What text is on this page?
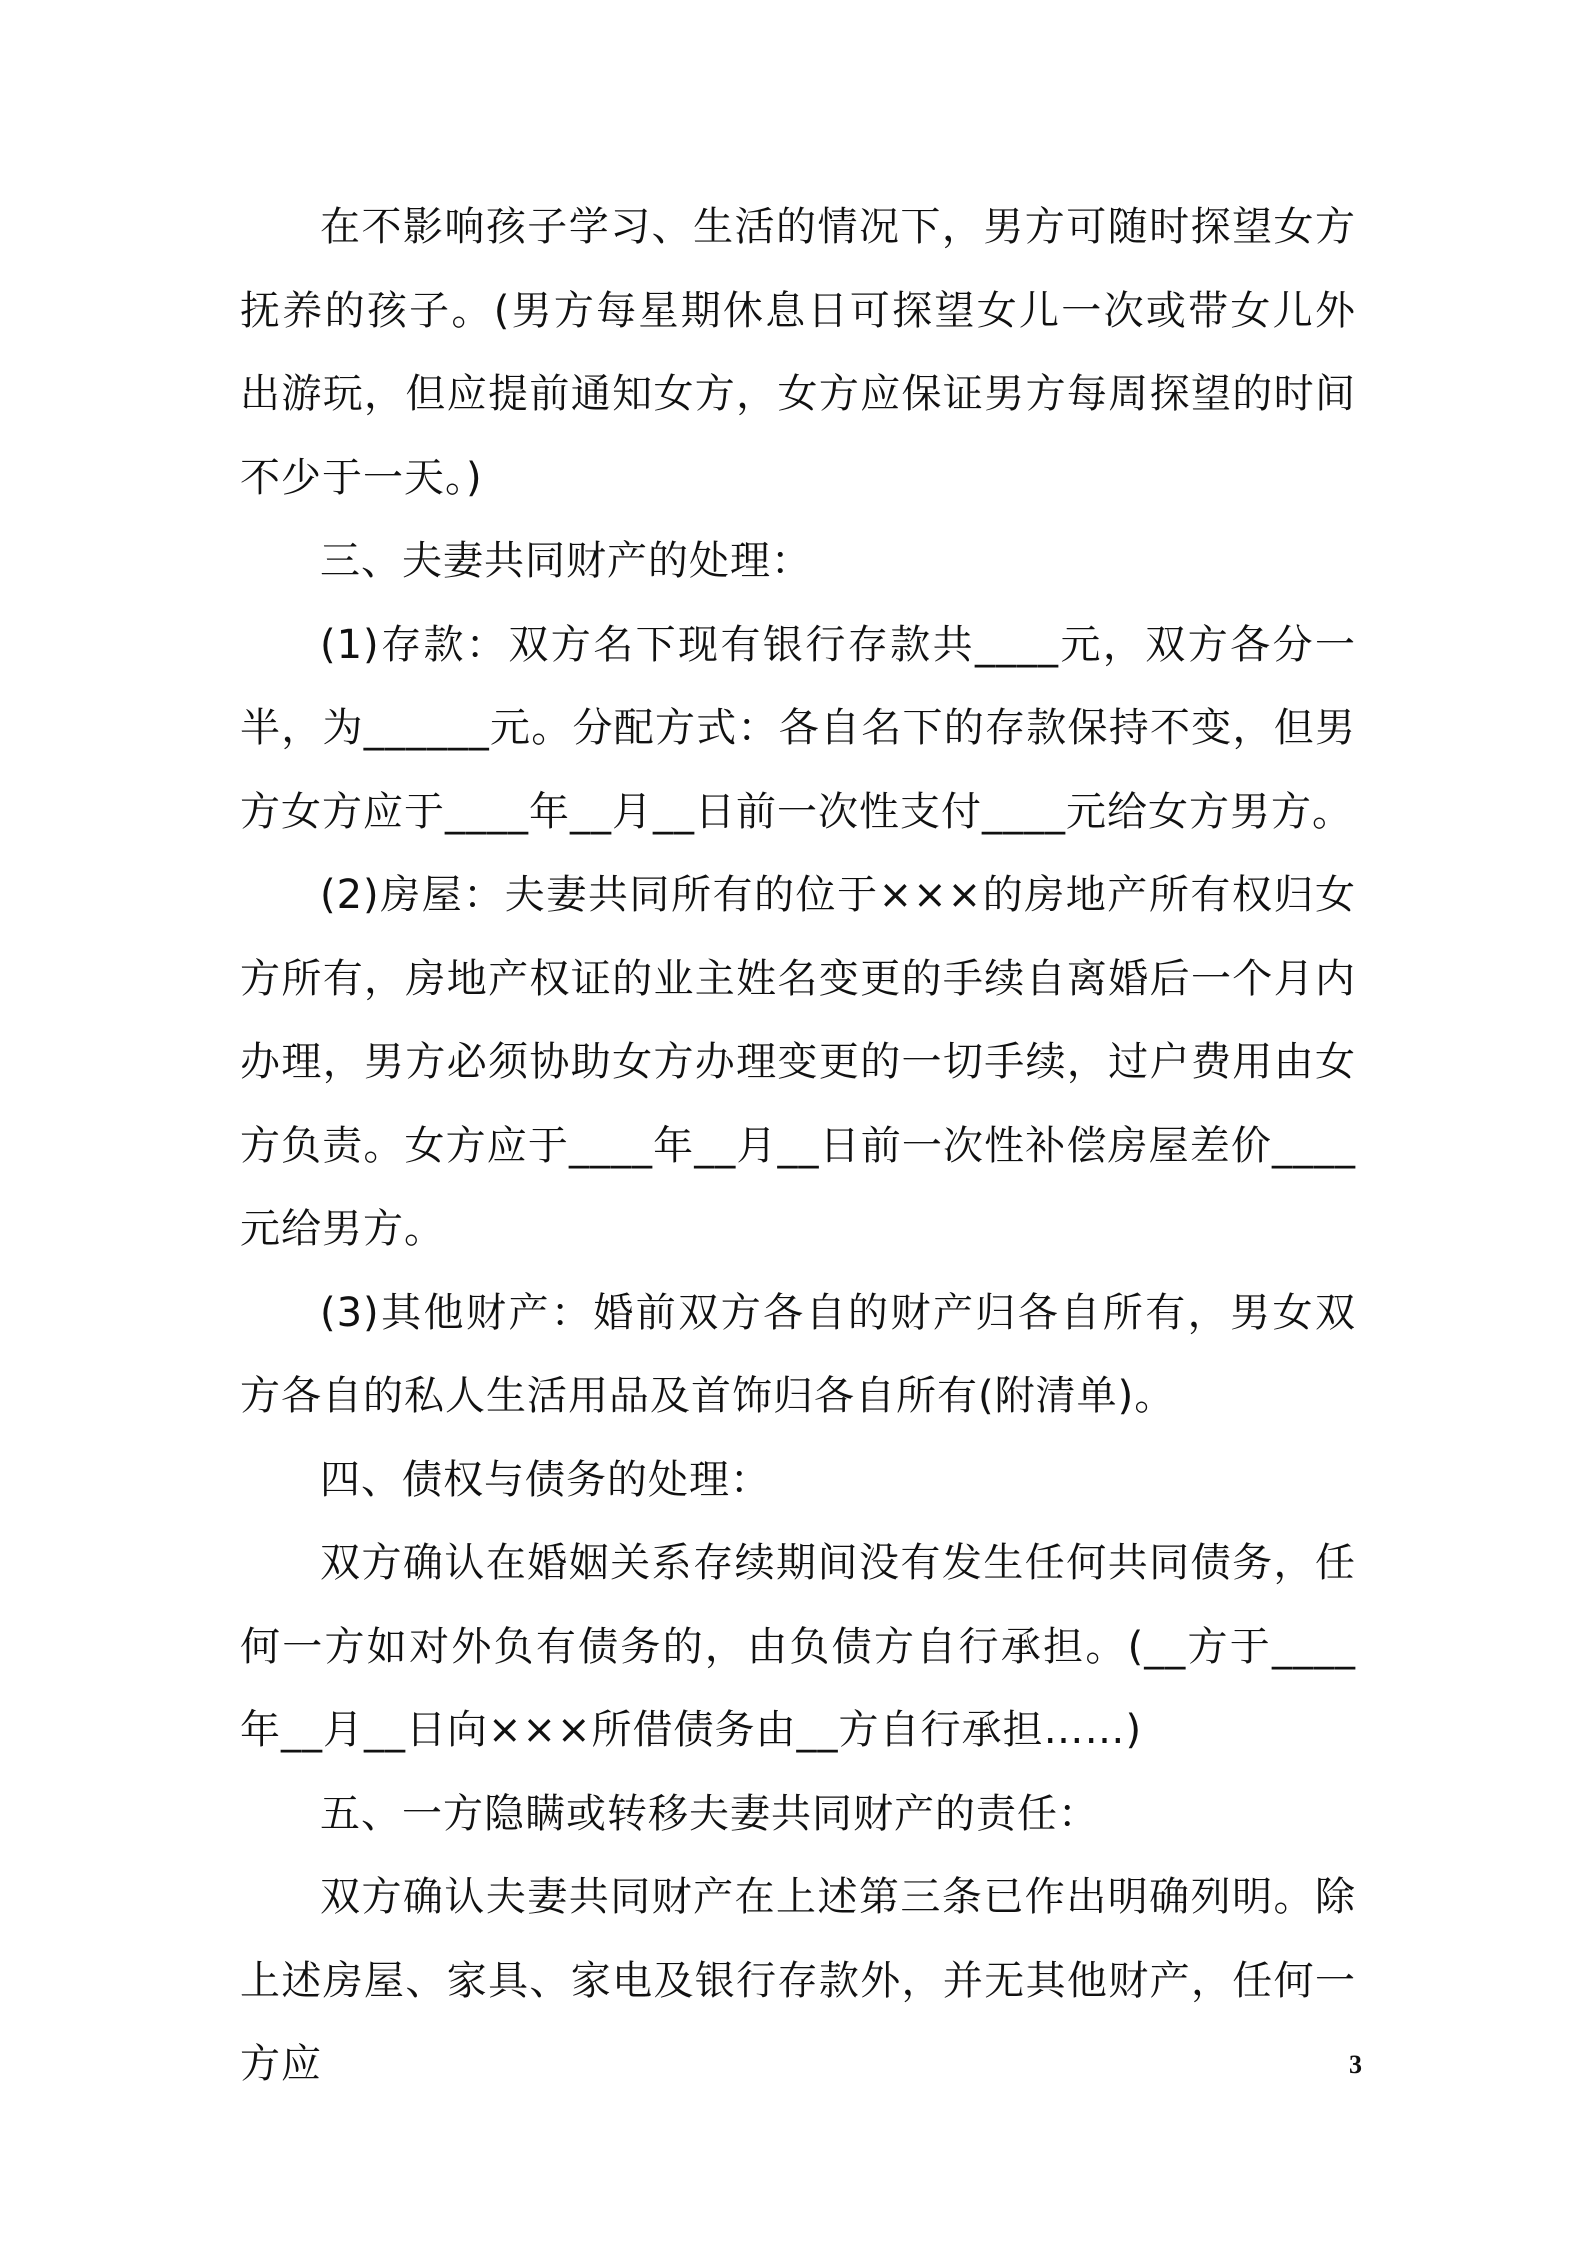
在不影响孩子学习、生活的情况下，男方可随时探望女方抚养的孩子。(男方每星期休息日可探望女儿一次或带女儿外出游玩，但应提前通知女方，女方应保证男方每周探望的时间不少于一天。)

三、夫妻共同财产的处理：

(1)存款：双方名下现有银行存款共____元，双方各分一半，为______元。分配方式：各自名下的存款保持不变，但男方女方应于____年__月__日前一次性支付____元给女方男方。

(2)房屋：夫妻共同所有的位于×××的房地产所有权归女方所有，房地产权证的业主姓名变更的手续自离婚后一个月内办理，男方必须协助女方办理变更的一切手续，过户费用由女方负责。女方应于____年__月__日前一次性补偿房屋差价____元给男方。

(3)其他财产：婚前双方各自的财产归各自所有，男女双方各自的私人生活用品及首饰归各自所有(附清单)。

四、债权与债务的处理：

双方确认在婚姻关系存续期间没有发生任何共同债务，任何一方如对外负有债务的，由负债方自行承担。(__方于____年__月__日向×××所借债务由__方自行承担……)

五、一方隐瞒或转移夫妻共同财产的责任：

双方确认夫妻共同财产在上述第三条已作出明确列明。除上述房屋、家具、家电及银行存款外，并无其他财产，任何一方应	3
